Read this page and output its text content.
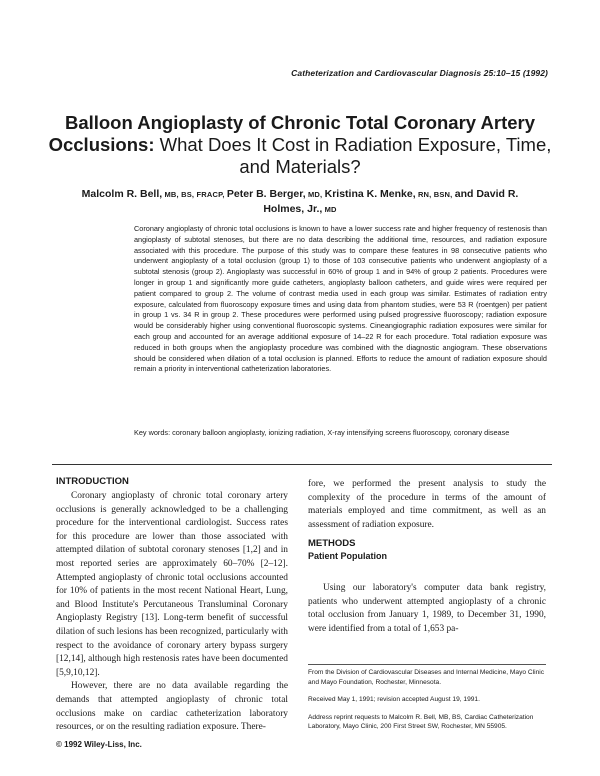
Catheterization and Cardiovascular Diagnosis 25:10–15 (1992)
Balloon Angioplasty of Chronic Total Coronary Artery Occlusions: What Does It Cost in Radiation Exposure, Time, and Materials?
Malcolm R. Bell, MB, BS, FRACP, Peter B. Berger, MD, Kristina K. Menke, RN, BSN, and David R. Holmes, Jr., MD
Coronary angioplasty of chronic total occlusions is known to have a lower success rate and higher frequency of restenosis than angioplasty of subtotal stenoses, but there are no data describing the additional time, resources, and radiation exposure associated with this procedure. The purpose of this study was to compare these features in 98 consecutive patients who underwent angioplasty of a total occlusion (group 1) to those of 103 consecutive patients who underwent angioplasty of a subtotal stenosis (group 2). Angioplasty was successful in 60% of group 1 and in 94% of group 2 patients. Procedures were longer in group 1 and significantly more guide catheters, angioplasty balloon catheters, and guide wires were required per patient compared to group 2. The volume of contrast media used in each group was similar. Estimates of radiation entry exposure, calculated from fluoroscopy exposure times and using data from phantom studies, were 53 R (roentgen) per patient in group 1 vs. 34 R in group 2. These procedures were performed using pulsed progressive fluoroscopy; radiation exposure would be considerably higher using conventional fluoroscopic systems. Cineangiographic radiation exposures were similar for each group and accounted for an average additional exposure of 14–22 R for each procedure. Total radiation exposure was reduced in both groups when the angioplasty procedure was combined with the diagnostic angiogram. These observations should be considered when dilation of a total occlusion is planned. Efforts to reduce the amount of radiation exposure should remain a priority in interventional catheterization laboratories.
Key words: coronary balloon angioplasty, ionizing radiation, X-ray intensifying screens fluoroscopy, coronary disease
INTRODUCTION

Coronary angioplasty of chronic total coronary artery occlusions is generally acknowledged to be a challenging procedure for the interventional cardiologist. Success rates for this procedure are lower than those associated with attempted dilation of subtotal coronary stenoses [1,2] and in most reported series are approximately 60–70% [2–12]. Attempted angioplasty of chronic total occlusions accounted for 10% of patients in the most recent National Heart, Lung, and Blood Institute's Percutaneous Transluminal Coronary Angioplasty Registry [13]. Long-term benefit of successful dilation of such lesions has been recognized, particularly with respect to the avoidance of coronary artery bypass surgery [12,14], although high restenosis rates have been documented [5,9,10,12].

However, there are no data available regarding the demands that attempted angioplasty of chronic total occlusions make on cardiac catheterization laboratory resources, or on the resulting radiation exposure. There-

fore, we performed the present analysis to study the complexity of the procedure in terms of the amount of materials employed and time commitment, as well as an assessment of radiation exposure.

METHODS
Patient Population

Using our laboratory's computer data bank registry, patients who underwent attempted angioplasty of a chronic total occlusion from January 1, 1989, to December 31, 1990, were identified from a total of 1,653 pa-

From the Division of Cardiovascular Diseases and Internal Medicine, Mayo Clinic and Mayo Foundation, Rochester, Minnesota.

Received May 1, 1991; revision accepted August 19, 1991.

Address reprint requests to Malcolm R. Bell, MB, BS, Cardiac Catheterization Laboratory, Mayo Clinic, 200 First Street SW, Rochester, MN 55905.

© 1992 Wiley-Liss, Inc.
